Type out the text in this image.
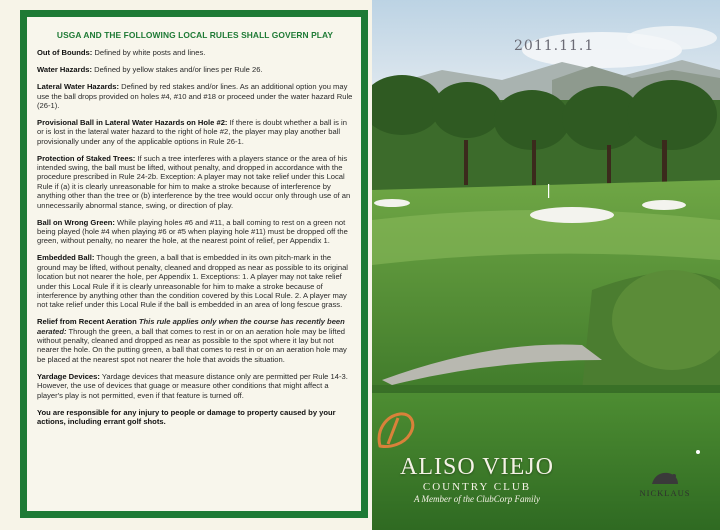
USGA AND THE FOLLOWING LOCAL RULES SHALL GOVERN PLAY
Out of Bounds: Defined by white posts and lines.
Water Hazards: Defined by yellow stakes and/or lines per Rule 26.
Lateral Water Hazards: Defined by red stakes and/or lines. As an additional option you may use the ball drops provided on holes #4, #10 and #18 or proceed under the water hazard Rule (26-1).
Provisional Ball in Lateral Water Hazards on Hole #2: If there is doubt whether a ball is in or is lost in the lateral water hazard to the right of hole #2, the player may play another ball provisionally under any of the applicable options in Rule 26-1.
Protection of Staked Trees: If such a tree interferes with a players stance or the area of his intended swing, the ball must be lifted, without penalty, and dropped in accordance with the procedure prescribed in Rule 24-2b. Exception: A player may not take relief under this Local Rule if (a) it is clearly unreasonable for him to make a stroke because of interference by anything other than the tree or (b) interference by the tree would occur only through use of an unnecessarily abnormal stance, swing, or direction of play.
Ball on Wrong Green: While playing holes #6 and #11, a ball coming to rest on a green not being played (hole #4 when playing #6 or #5 when playing hole #11) must be dropped off the green, without penalty, no nearer the hole, at the nearest point of relief, per Appendix 1.
Embedded Ball: Though the green, a ball that is embedded in its own pitch-mark in the ground may be lifted, without penalty, cleaned and dropped as near as possible to its original location but not nearer the hole, per Appendix 1. Exceptions: 1. A player may not take relief under this Local Rule if it is clearly unreasonable for him to make a stroke because of interference by anything other than the condition covered by this Local Rule. 2. A player may not take relief under this Local Rule if the ball is embedded in an area of long fescue grass.
Relief from Recent Aeration This rule applies only when the course has recently been aerated: Through the green, a ball that comes to rest in or on an aeration hole may be lifted without penalty, cleaned and dropped as near as possible to the spot where it lay but not nearer the hole. On the putting green, a ball that comes to rest in or on an aeration hole may be placed at the nearest spot not nearer the hole that avoids the situation.
Yardage Devices: Yardage devices that measure distance only are permitted per Rule 14-3. However, the use of devices that guage or measure other conditions that might affect a player's play is not permitted, even if that feature is turned off.
You are responsible for any injury to people or damage to property caused by your actions, including errant golf shots.
2011.11.1
ALISO VIEJO
COUNTRY CLUB
A Member of the ClubCorp Family
NICKLAUS
